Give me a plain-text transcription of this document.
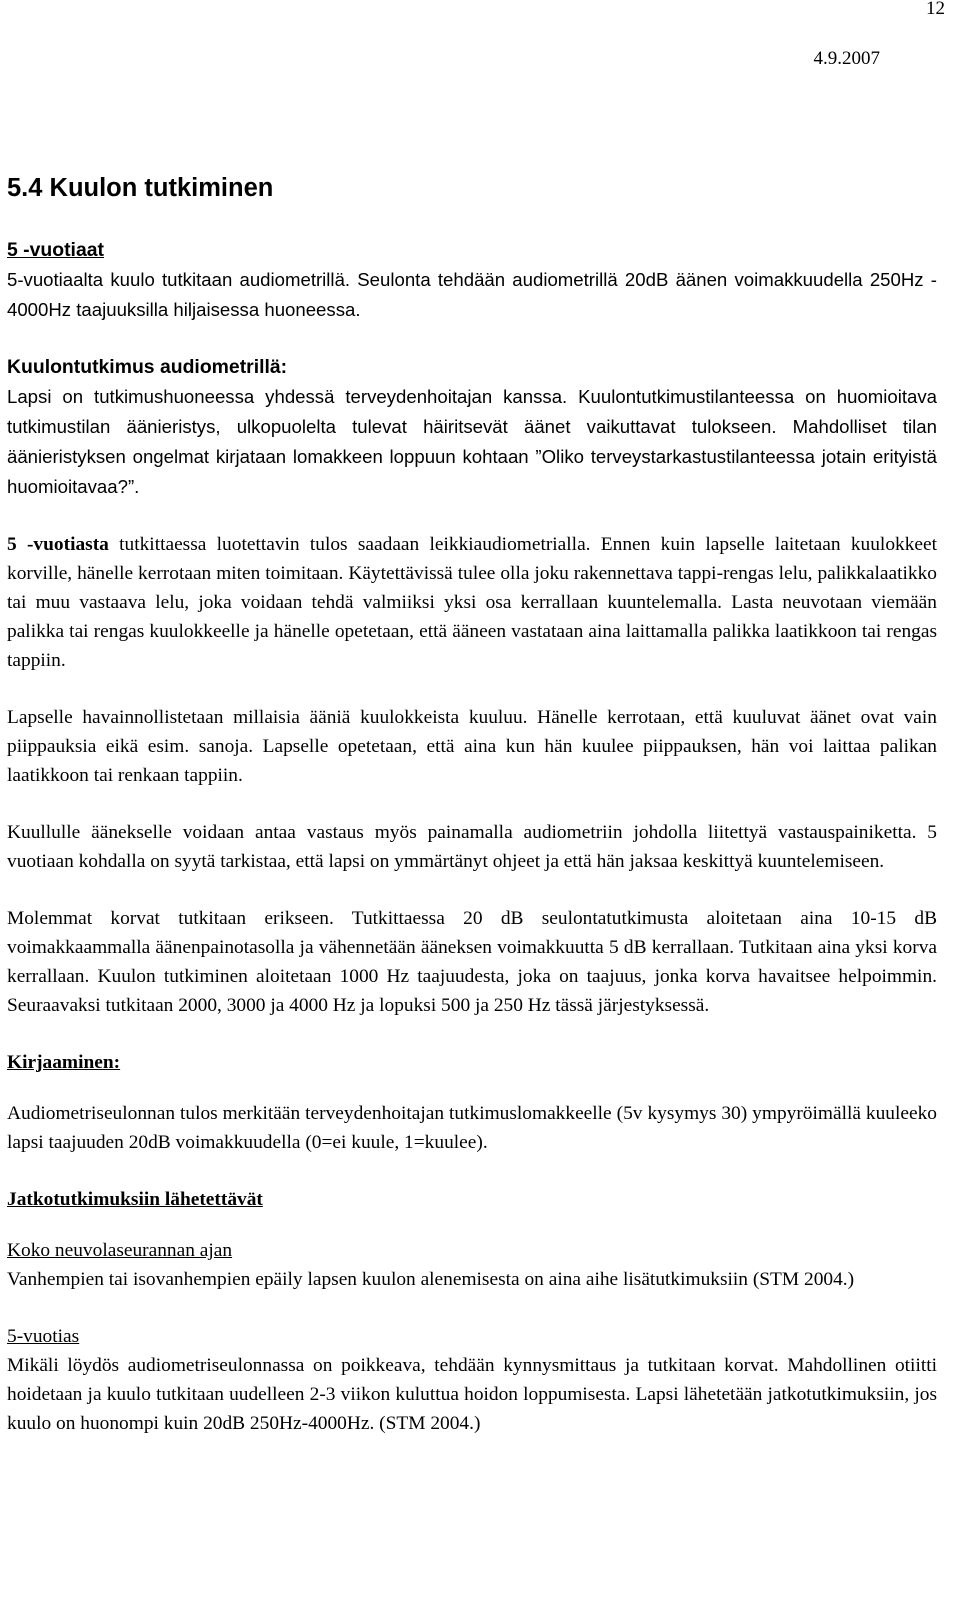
12
4.9.2007
5.4 Kuulon tutkiminen

5 -vuotiaat
5-vuotiaalta kuulo tutkitaan audiometrillä. Seulonta tehdään audiometrillä 20dB äänen voimakkuudella 250Hz - 4000Hz taajuuksilla hiljaisessa huoneessa.

Kuulontutkimus audiometrillä:
Lapsi on tutkimushuoneessa yhdessä terveydenhoitajan kanssa. Kuulontutkimustilanteessa on huomioitava tutkimustilan äänieristys, ulkopuolelta tulevat häiritsevät äänet vaikuttavat tulokseen. Mahdolliset tilan äänieristyksen ongelmat kirjataan lomakkeen loppuun kohtaan ”Oliko terveystarkastustilanteessa jotain erityistä huomioitavaa?”.

5 -vuotiasta tutkittaessa luotettavin tulos saadaan leikkiaudiometrialla. Ennen kuin lapselle laitetaan kuulokkeet korville, hänelle kerrotaan miten toimitaan. Käytettävissä tulee olla joku rakennettava tappi-rengas lelu, palikkalaatikko tai muu vastaava lelu, joka voidaan tehdä valmiiksi yksi osa kerrallaan kuuntelemalla. Lasta neuvotaan viemään palikka tai rengas kuulokkeelle ja hänelle opetetaan, että ääneen vastataan aina laittamalla palikka laatikkoon tai rengas tappiin.

Lapselle havainnollistetaan millaisia ääniä kuulokkeista kuuluu. Hänelle kerrotaan, että kuuluvat äänet ovat vain piippauksia eikä esim. sanoja. Lapselle opetetaan, että aina kun hän kuulee piippauksen, hän voi laittaa palikan laatikkoon tai renkaan tappiin.

Kuullulle äänekselle voidaan antaa vastaus myös painamalla audiometriin johdolla liitettyä vastauspainiketta. 5 vuotiaan kohdalla on syytä tarkistaa, että lapsi on ymmärtänyt ohjeet ja että hän jaksaa keskittyä kuuntelemiseen.

Molemmat korvat tutkitaan erikseen. Tutkittaessa 20 dB seulontatutkimusta aloitetaan aina 10-15 dB voimakkaammalla äänenpainotasolla ja vähennetään ääneksen voimakkuutta 5 dB kerrallaan. Tutkitaan aina yksi korva kerrallaan. Kuulon tutkiminen aloitetaan 1000 Hz taajuudesta, joka on taajuus, jonka korva havaitsee helpoimmin. Seuraavaksi tutkitaan 2000, 3000 ja 4000 Hz ja lopuksi 500 ja 250 Hz tässä järjestyksessä.

Kirjaaminen:

Audiometriseulonnan tulos merkitään terveydenhoitajan tutkimuslomakkeelle (5v kysymys 30) ympyröimällä kuuleeko lapsi taajuuden 20dB voimakkuudella (0=ei kuule, 1=kuulee).

Jatkotutkimuksiin lähetettävät

Koko neuvolaseurannan ajan
Vanhempien tai isovanhempien epäily lapsen kuulon alenemisesta on aina aihe lisätutkimuksiin (STM 2004.)

5-vuotias
Mikäli löydös audiometriseulonnassa on poikkeava, tehdään kynnysmittaus ja tutkitaan korvat. Mahdollinen otiitti hoidetaan ja kuulo tutkitaan uudelleen 2-3 viikon kuluttua hoidon loppumisesta. Lapsi lähetetään jatkotutkimuksiin, jos kuulo on huonompi kuin 20dB 250Hz-4000Hz. (STM 2004.)
